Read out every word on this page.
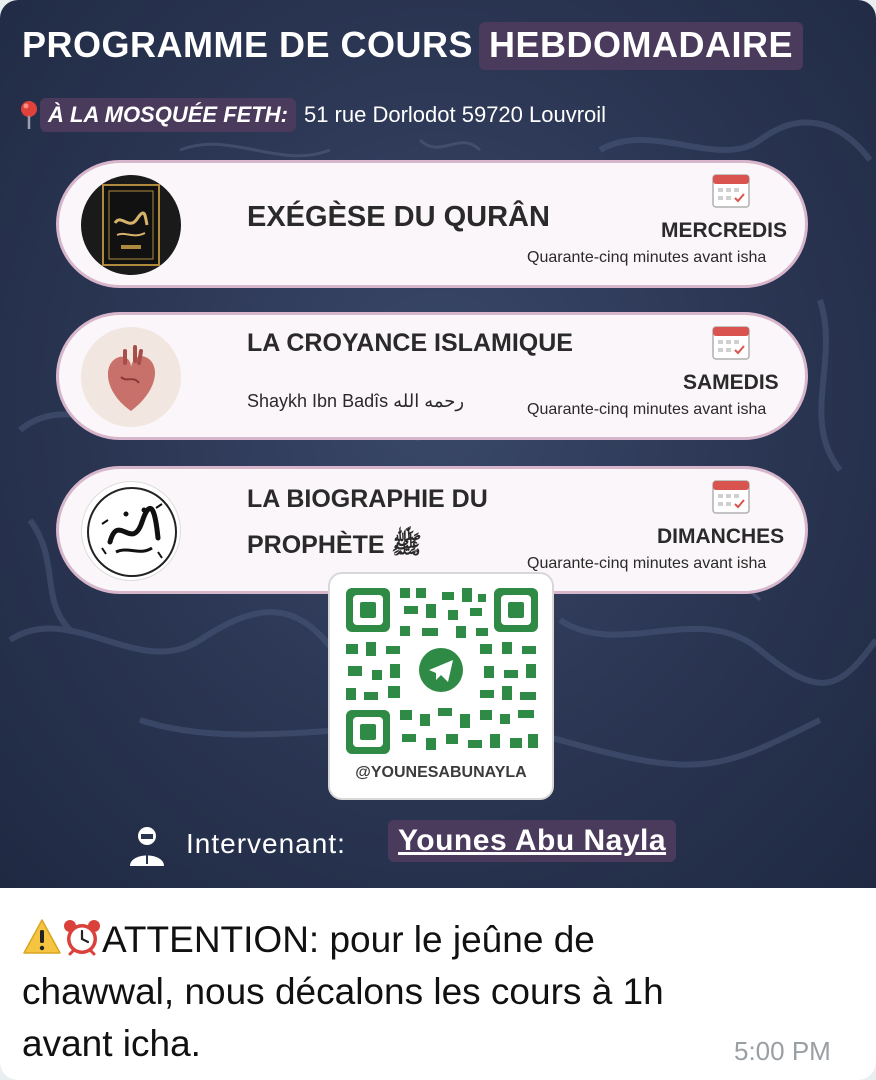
PROGRAMME DE COURS HEBDOMADAIRE
À LA MOSQUÉE FETH: 51 rue Dorlodot 59720 Louvroil
EXÉGÈSE DU QURÂN	MERCREDIS
Quarante-cinq minutes avant isha
LA CROYANCE ISLAMIQUE
Shaykh Ibn Badîs رحمه الله
SAMEDIS
Quarante-cinq minutes avant isha
LA BIOGRAPHIE DU
PROPHÈTE ﷺ	DIMANCHES
Quarante-cinq minutes avant isha
@YOUNESABUNAYLA
Intervenant:	Younes Abu Nayla
ATTENTION: pour le jeûne de
chawwal, nous décalons les cours à 1h
avant icha.	5:00 PM
